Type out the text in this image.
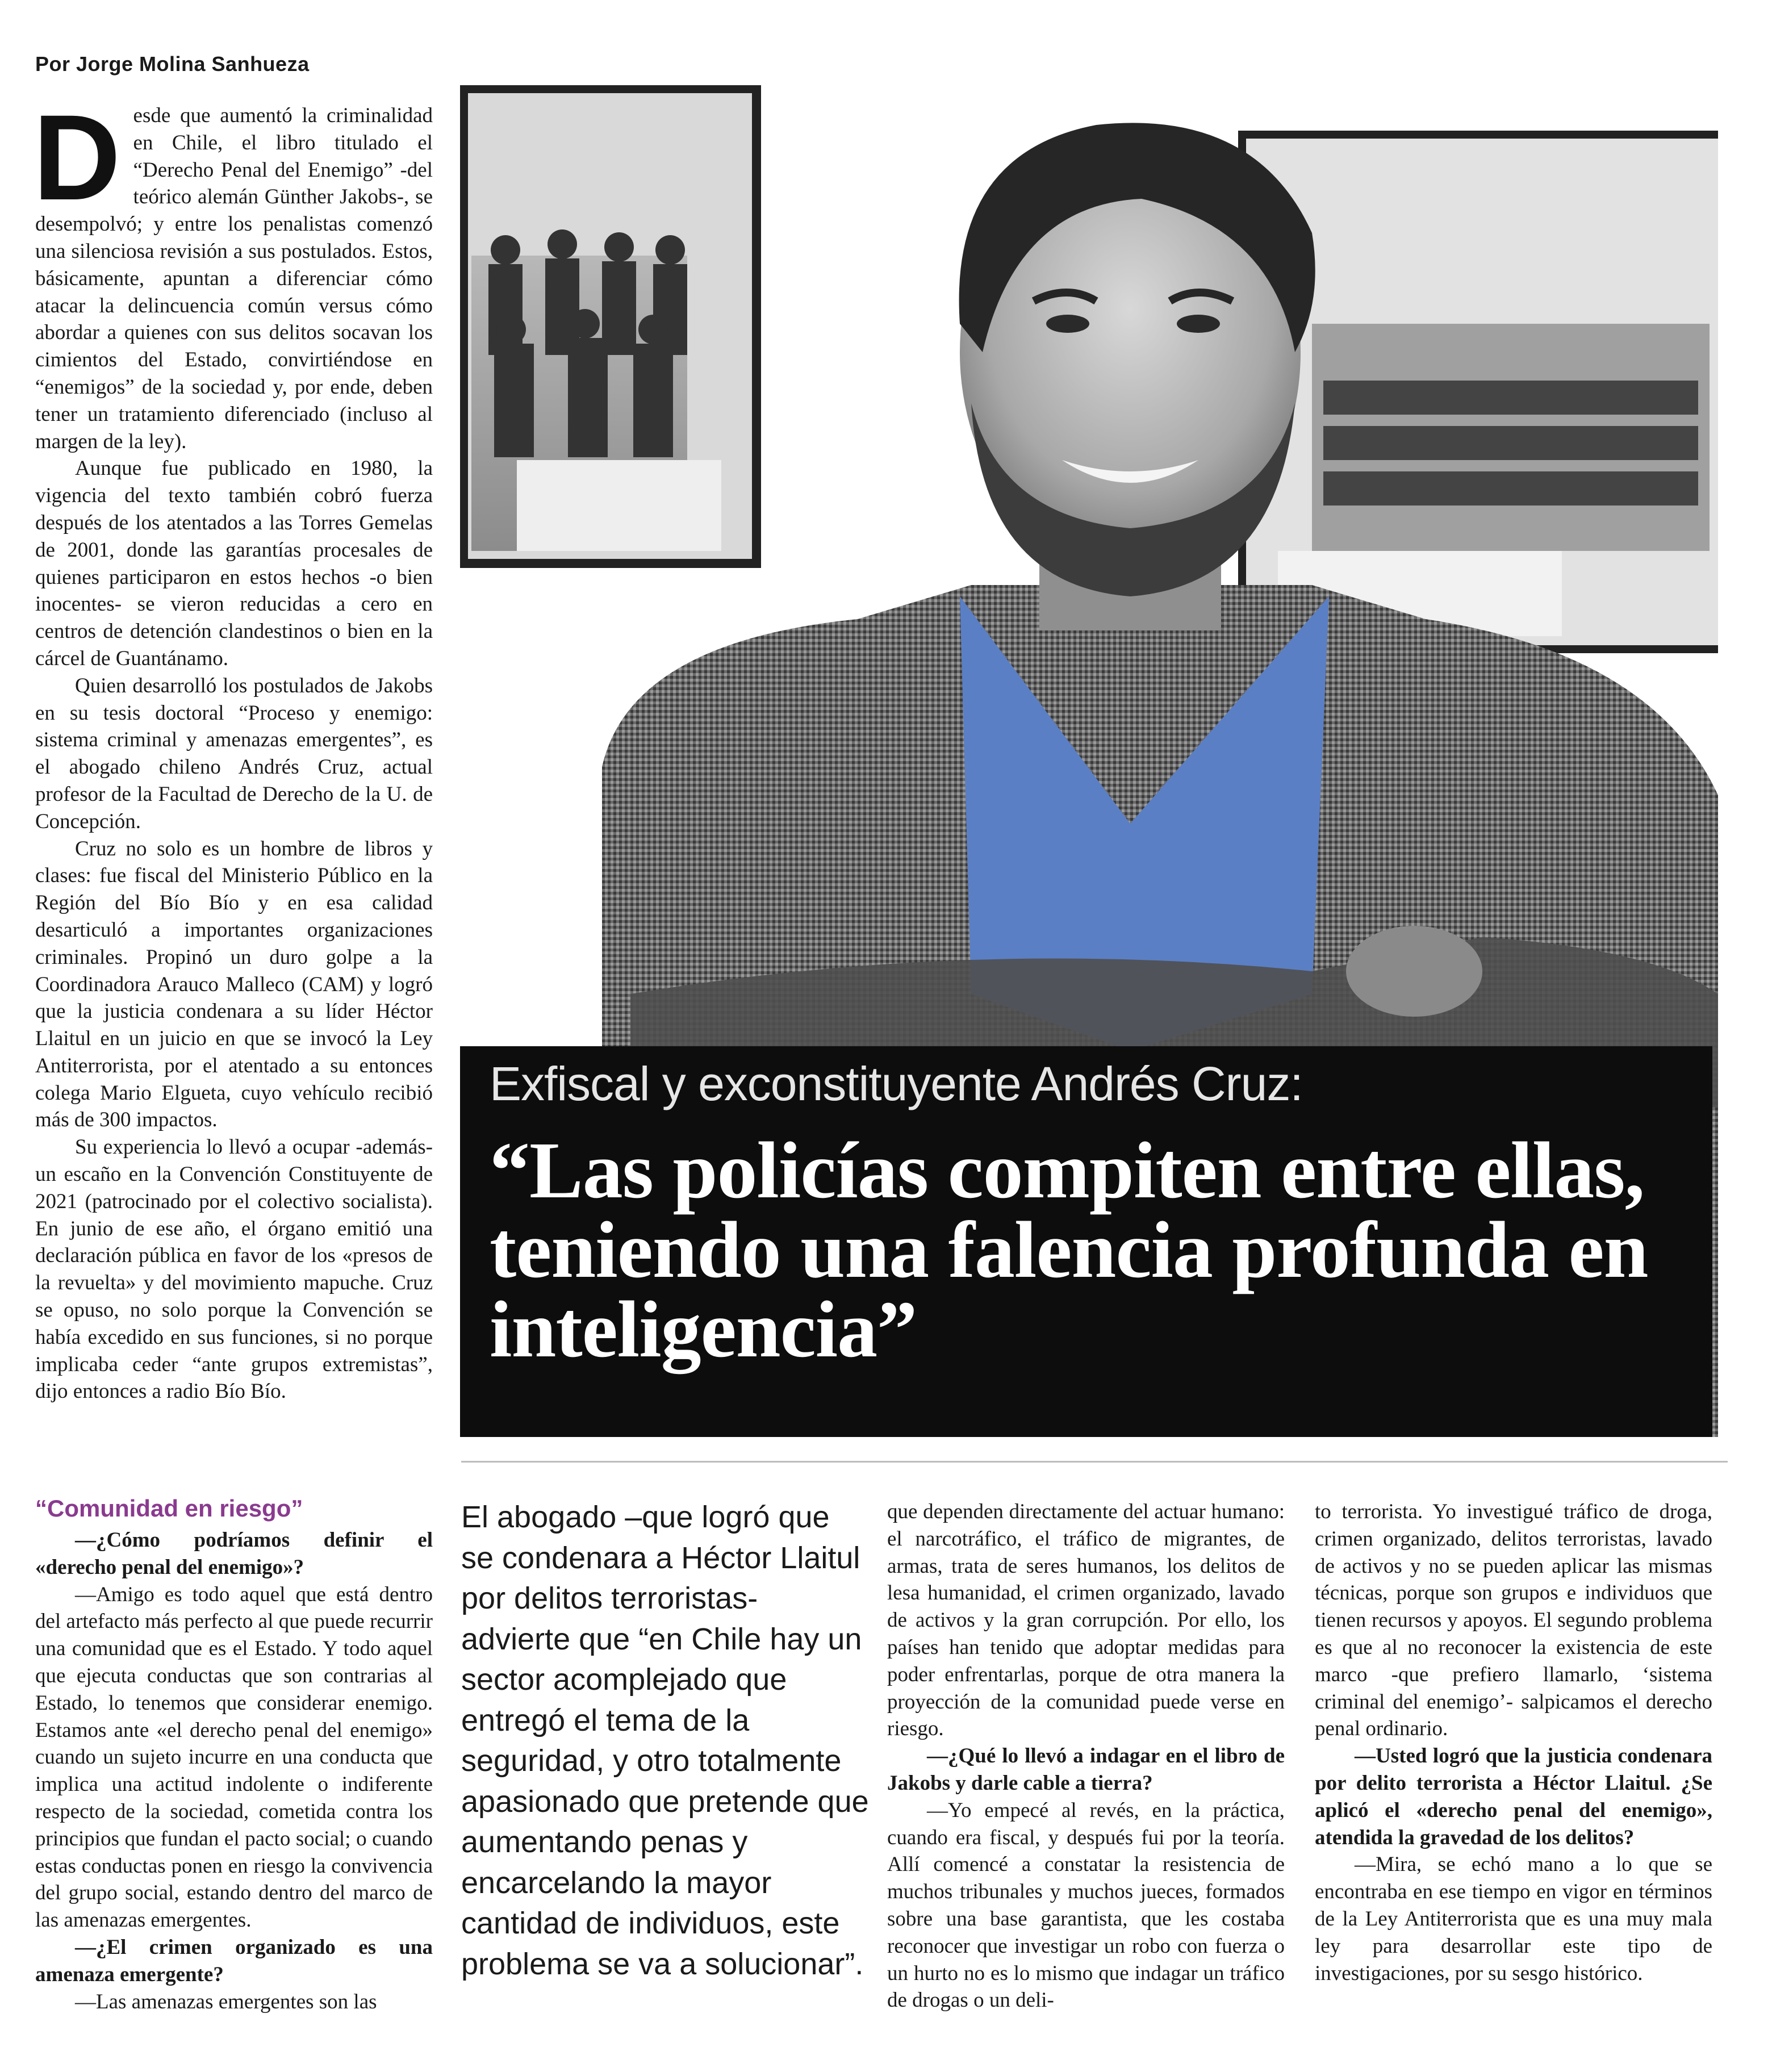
Por Jorge Molina Sanhueza

Desde que aumentó la criminalidad en Chile, el libro titulado el “Derecho Penal del Enemigo” -del teórico alemán Günther Jakobs-, se desempolvó; y entre los penalistas comenzó una silenciosa revisión a sus postulados. Estos, básicamente, apuntan a diferenciar cómo atacar la delincuencia común versus cómo abordar a quienes con sus delitos socavan los cimientos del Estado, convirtiéndose en “enemigos” de la sociedad y, por ende, deben tener un tratamiento diferenciado (incluso al margen de la ley).

Aunque fue publicado en 1980, la vigencia del texto también cobró fuerza después de los atentados a las Torres Gemelas de 2001, donde las garantías procesales de quienes participaron en estos hechos -o bien inocentes- se vieron reducidas a cero en centros de detención clandestinos o bien en la cárcel de Guantánamo.

Quien desarrolló los postulados de Jakobs en su tesis doctoral “Proceso y enemigo: sistema criminal y amenazas emergentes”, es el abogado chileno Andrés Cruz, actual profesor de la Facultad de Derecho de la U. de Concepción.

Cruz no solo es un hombre de libros y clases: fue fiscal del Ministerio Público en la Región del Bío Bío y en esa calidad desarticuló a importantes organizaciones criminales. Propinó un duro golpe a la Coordinadora Arauco Malleco (CAM) y logró que la justicia condenara a su líder Héctor Llaitul en un juicio en que se invocó la Ley Antiterrorista, por el atentado a su entonces colega Mario Elgueta, cuyo vehículo recibió más de 300 impactos.

Su experiencia lo llevó a ocupar -además- un escaño en la Convención Constituyente de 2021 (patrocinado por el colectivo socialista). En junio de ese año, el órgano emitió una declaración pública en favor de los «presos de la revuelta» y del movimiento mapuche. Cruz se opuso, no solo porque la Convención se había excedido en sus funciones, si no porque implicaba ceder “ante grupos extremistas”, dijo entonces a radio Bío Bío.

Exfiscal y exconstituyente Andrés Cruz:
“Las policías compiten entre ellas, teniendo una falencia profunda en inteligencia”
“Comunidad en riesgo”

—¿Cómo podríamos definir el «derecho penal del enemigo»?

—Amigo es todo aquel que está dentro del artefacto más perfecto al que puede recurrir una comunidad que es el Estado. Y todo aquel que ejecuta conductas que son contrarias al Estado, lo tenemos que considerar enemigo. Estamos ante «el derecho penal del enemigo» cuando un sujeto incurre en una conducta que implica una actitud indolente o indiferente respecto de la sociedad, cometida contra los principios que fundan el pacto social; o cuando estas conductas ponen en riesgo la convivencia del grupo social, estando dentro del marco de las amenazas emergentes.

—¿El crimen organizado es una amenaza emergente?

—Las amenazas emergentes son las

El abogado –que logró que se condenara a Héctor Llaitul por delitos terroristas- advierte que “en Chile hay un sector acomplejado que entregó el tema de la seguridad, y otro totalmente apasionado que pretende que aumentando penas y encarcelando la mayor cantidad de individuos, este problema se va a solucionar”.

que dependen directamente del actuar humano: el narcotráfico, el tráfico de migrantes, de armas, trata de seres humanos, los delitos de lesa humanidad, el crimen organizado, lavado de activos y la gran corrupción. Por ello, los países han tenido que adoptar medidas para poder enfrentarlas, porque de otra manera la proyección de la comunidad puede verse en riesgo.

—¿Qué lo llevó a indagar en el libro de Jakobs y darle cable a tierra?

—Yo empecé al revés, en la práctica, cuando era fiscal, y después fui por la teoría. Allí comencé a constatar la resistencia de muchos tribunales y muchos jueces, formados sobre una base garantista, que les costaba reconocer que investigar un robo con fuerza o un hurto no es lo mismo que indagar un tráfico de drogas o un deli-

to terrorista. Yo investigué tráfico de droga, crimen organizado, delitos terroristas, lavado de activos y no se pueden aplicar las mismas técnicas, porque son grupos e individuos que tienen recursos y apoyos. El segundo problema es que al no reconocer la existencia de este marco -que prefiero llamarlo, ‘sistema criminal del enemigo’- salpicamos el derecho penal ordinario.

—Usted logró que la justicia condenara por delito terrorista a Héctor Llaitul. ¿Se aplicó el «derecho penal del enemigo», atendida la gravedad de los delitos?

—Mira, se echó mano a lo que se encontraba en ese tiempo en vigor en términos de la Ley Antiterrorista que es una muy mala ley para desarrollar este tipo de investigaciones, por su sesgo histórico.
